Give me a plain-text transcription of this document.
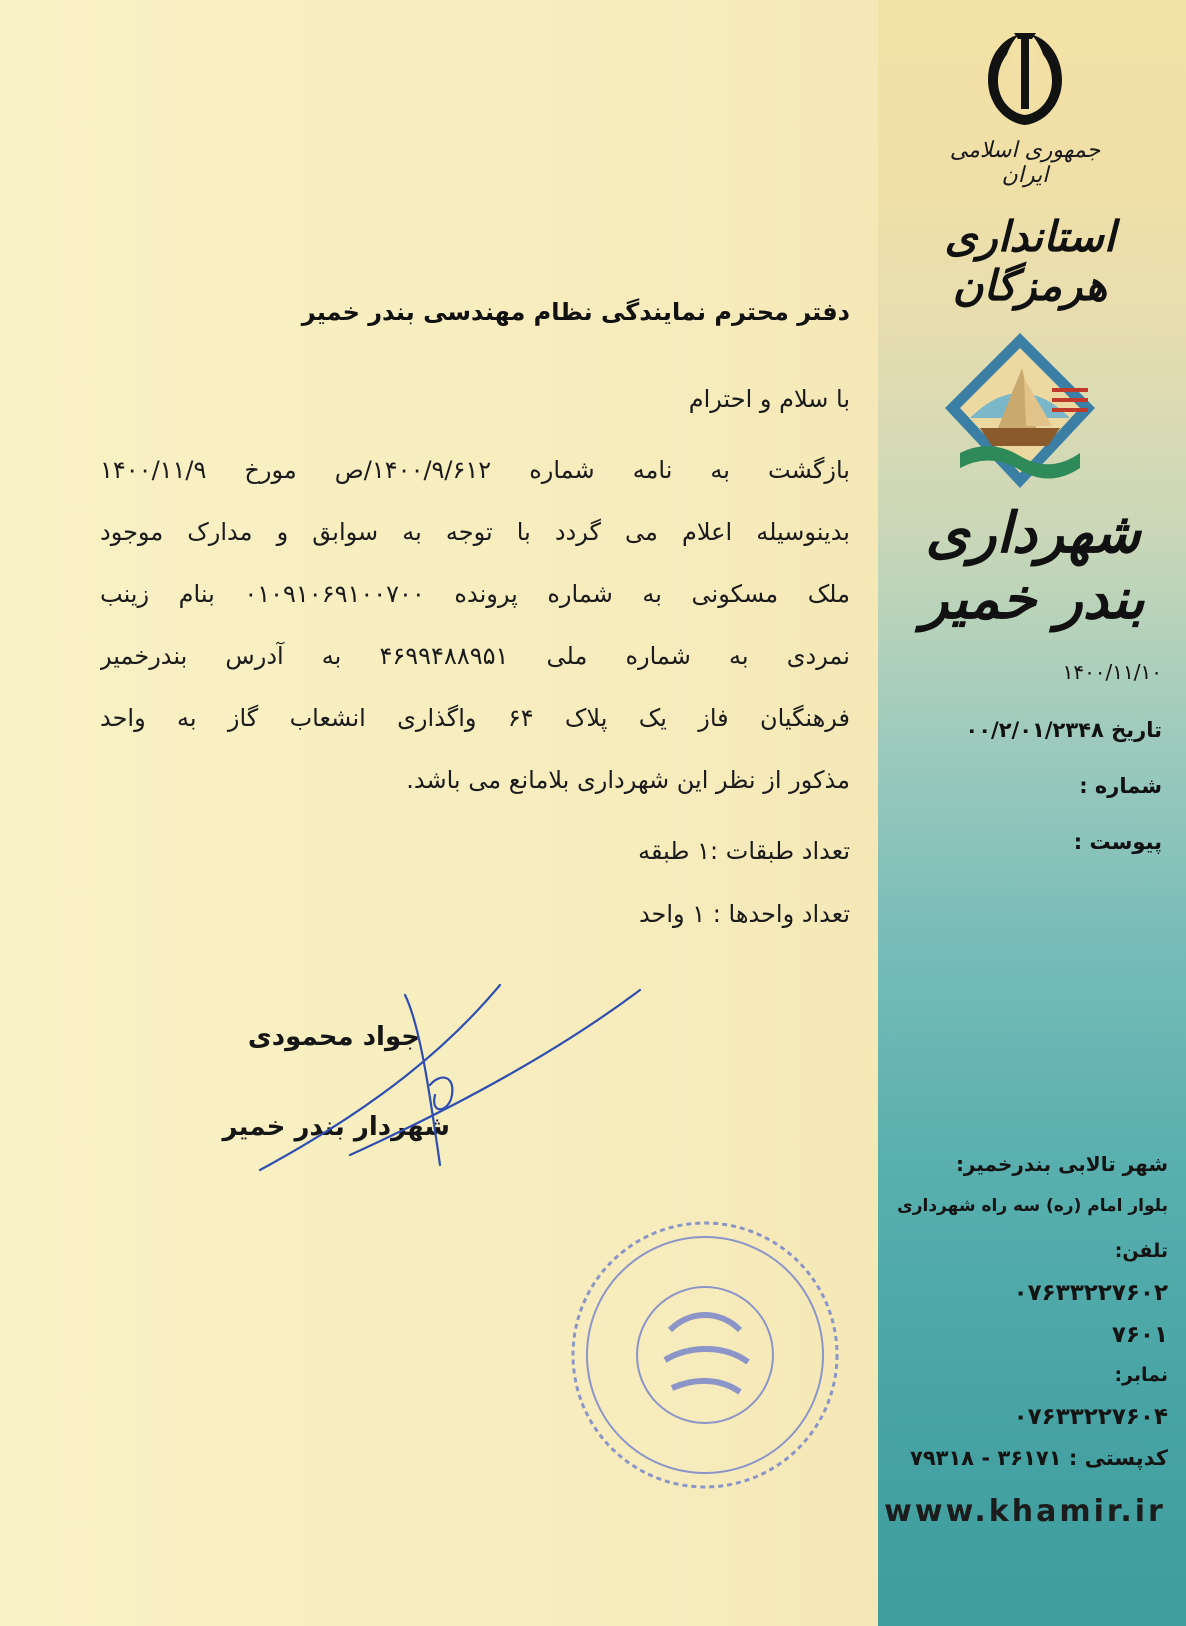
جمهوری اسلامی ایران
استانداری هرمزگان
شهرداری بندر خمیر
۱۴۰۰/۱۱/۱۰
تاریخ ۰۰/۲/۰۱/۲۳۴۸
شماره :
پیوست :
دفتر محترم نمایندگی نظام مهندسی بندر خمیر
با سلام و احترام
بازگشت به نامه شماره ۱۴۰۰/۹/۶۱۲/ص مورخ ۱۴۰۰/۱۱/۹
بدینوسیله اعلام می گردد با توجه به سوابق و مدارک موجود
ملک مسکونی به شماره پرونده ۰۱۰۹۱۰۶۹۱۰۰۷۰۰ بنام زینب
نمردی به شماره ملی ۴۶۹۹۴۸۸۹۵۱ به آدرس بندرخمیر
فرهنگیان فاز یک پلاک ۶۴ واگذاری انشعاب گاز به واحد
مذکور از نظر این شهرداری بلامانع می باشد.
تعداد طبقات :۱ طبقه
تعداد واحدها : ۱ واحد
جواد محمودی
شهردار بندر خمیر
شهر تالابی بندرخمیر:
بلوار امام (ره) سه راه شهرداری
تلفن:
۰۷۶۳۳۲۲۷۶۰۲
۷۶۰۱
نمابر:
۰۷۶۳۳۲۲۷۶۰۴
کدپستی : ۳۶۱۷۱ - ۷۹۳۱۸
www.khamir.ir
